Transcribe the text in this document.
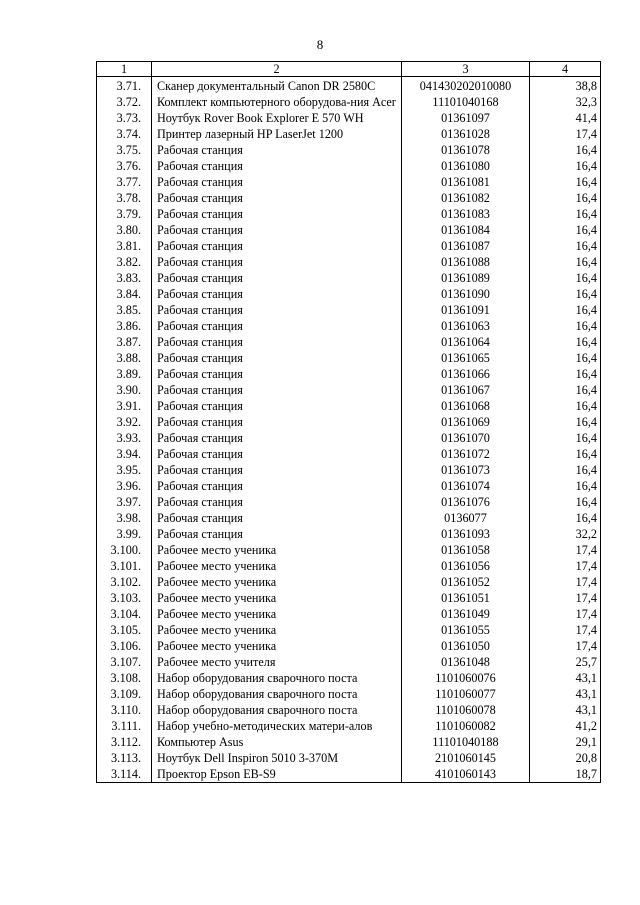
8
1	2	3	4
3.71.	Сканер документальный Canon DR 2580C	041430202010080	38,8
3.72.	Комплект компьютерного оборудова-ния Acer	11101040168	32,3
3.73.	Ноутбук Rover Book Explorer E 570 WH	01361097	41,4
3.74.	Принтер лазерный HP LaserJet 1200	01361028	17,4
3.75.	Рабочая станция	01361078	16,4
3.76.	Рабочая станция	01361080	16,4
3.77.	Рабочая станция	01361081	16,4
3.78.	Рабочая станция	01361082	16,4
3.79.	Рабочая станция	01361083	16,4
3.80.	Рабочая станция	01361084	16,4
3.81.	Рабочая станция	01361087	16,4
3.82.	Рабочая станция	01361088	16,4
3.83.	Рабочая станция	01361089	16,4
3.84.	Рабочая станция	01361090	16,4
3.85.	Рабочая станция	01361091	16,4
3.86.	Рабочая станция	01361063	16,4
3.87.	Рабочая станция	01361064	16,4
3.88.	Рабочая станция	01361065	16,4
3.89.	Рабочая станция	01361066	16,4
3.90.	Рабочая станция	01361067	16,4
3.91.	Рабочая станция	01361068	16,4
3.92.	Рабочая станция	01361069	16,4
3.93.	Рабочая станция	01361070	16,4
3.94.	Рабочая станция	01361072	16,4
3.95.	Рабочая станция	01361073	16,4
3.96.	Рабочая станция	01361074	16,4
3.97.	Рабочая станция	01361076	16,4
3.98.	Рабочая станция	0136077	16,4
3.99.	Рабочая станция	01361093	32,2
3.100.	Рабочее место ученика	01361058	17,4
3.101.	Рабочее место ученика	01361056	17,4
3.102.	Рабочее место ученика	01361052	17,4
3.103.	Рабочее место ученика	01361051	17,4
3.104.	Рабочее место ученика	01361049	17,4
3.105.	Рабочее место ученика	01361055	17,4
3.106.	Рабочее место ученика	01361050	17,4
3.107.	Рабочее место учителя	01361048	25,7
3.108.	Набор оборудования сварочного поста	1101060076	43,1
3.109.	Набор оборудования сварочного поста	1101060077	43,1
3.110.	Набор оборудования сварочного поста	1101060078	43,1
3.111.	Набор учебно-методических матери-алов	1101060082	41,2
3.112.	Компьютер Asus	11101040188	29,1
3.113.	Ноутбук Dell Inspiron 5010 3-370M	2101060145	20,8
3.114.	Проектор Epson EB-S9	4101060143	18,7
